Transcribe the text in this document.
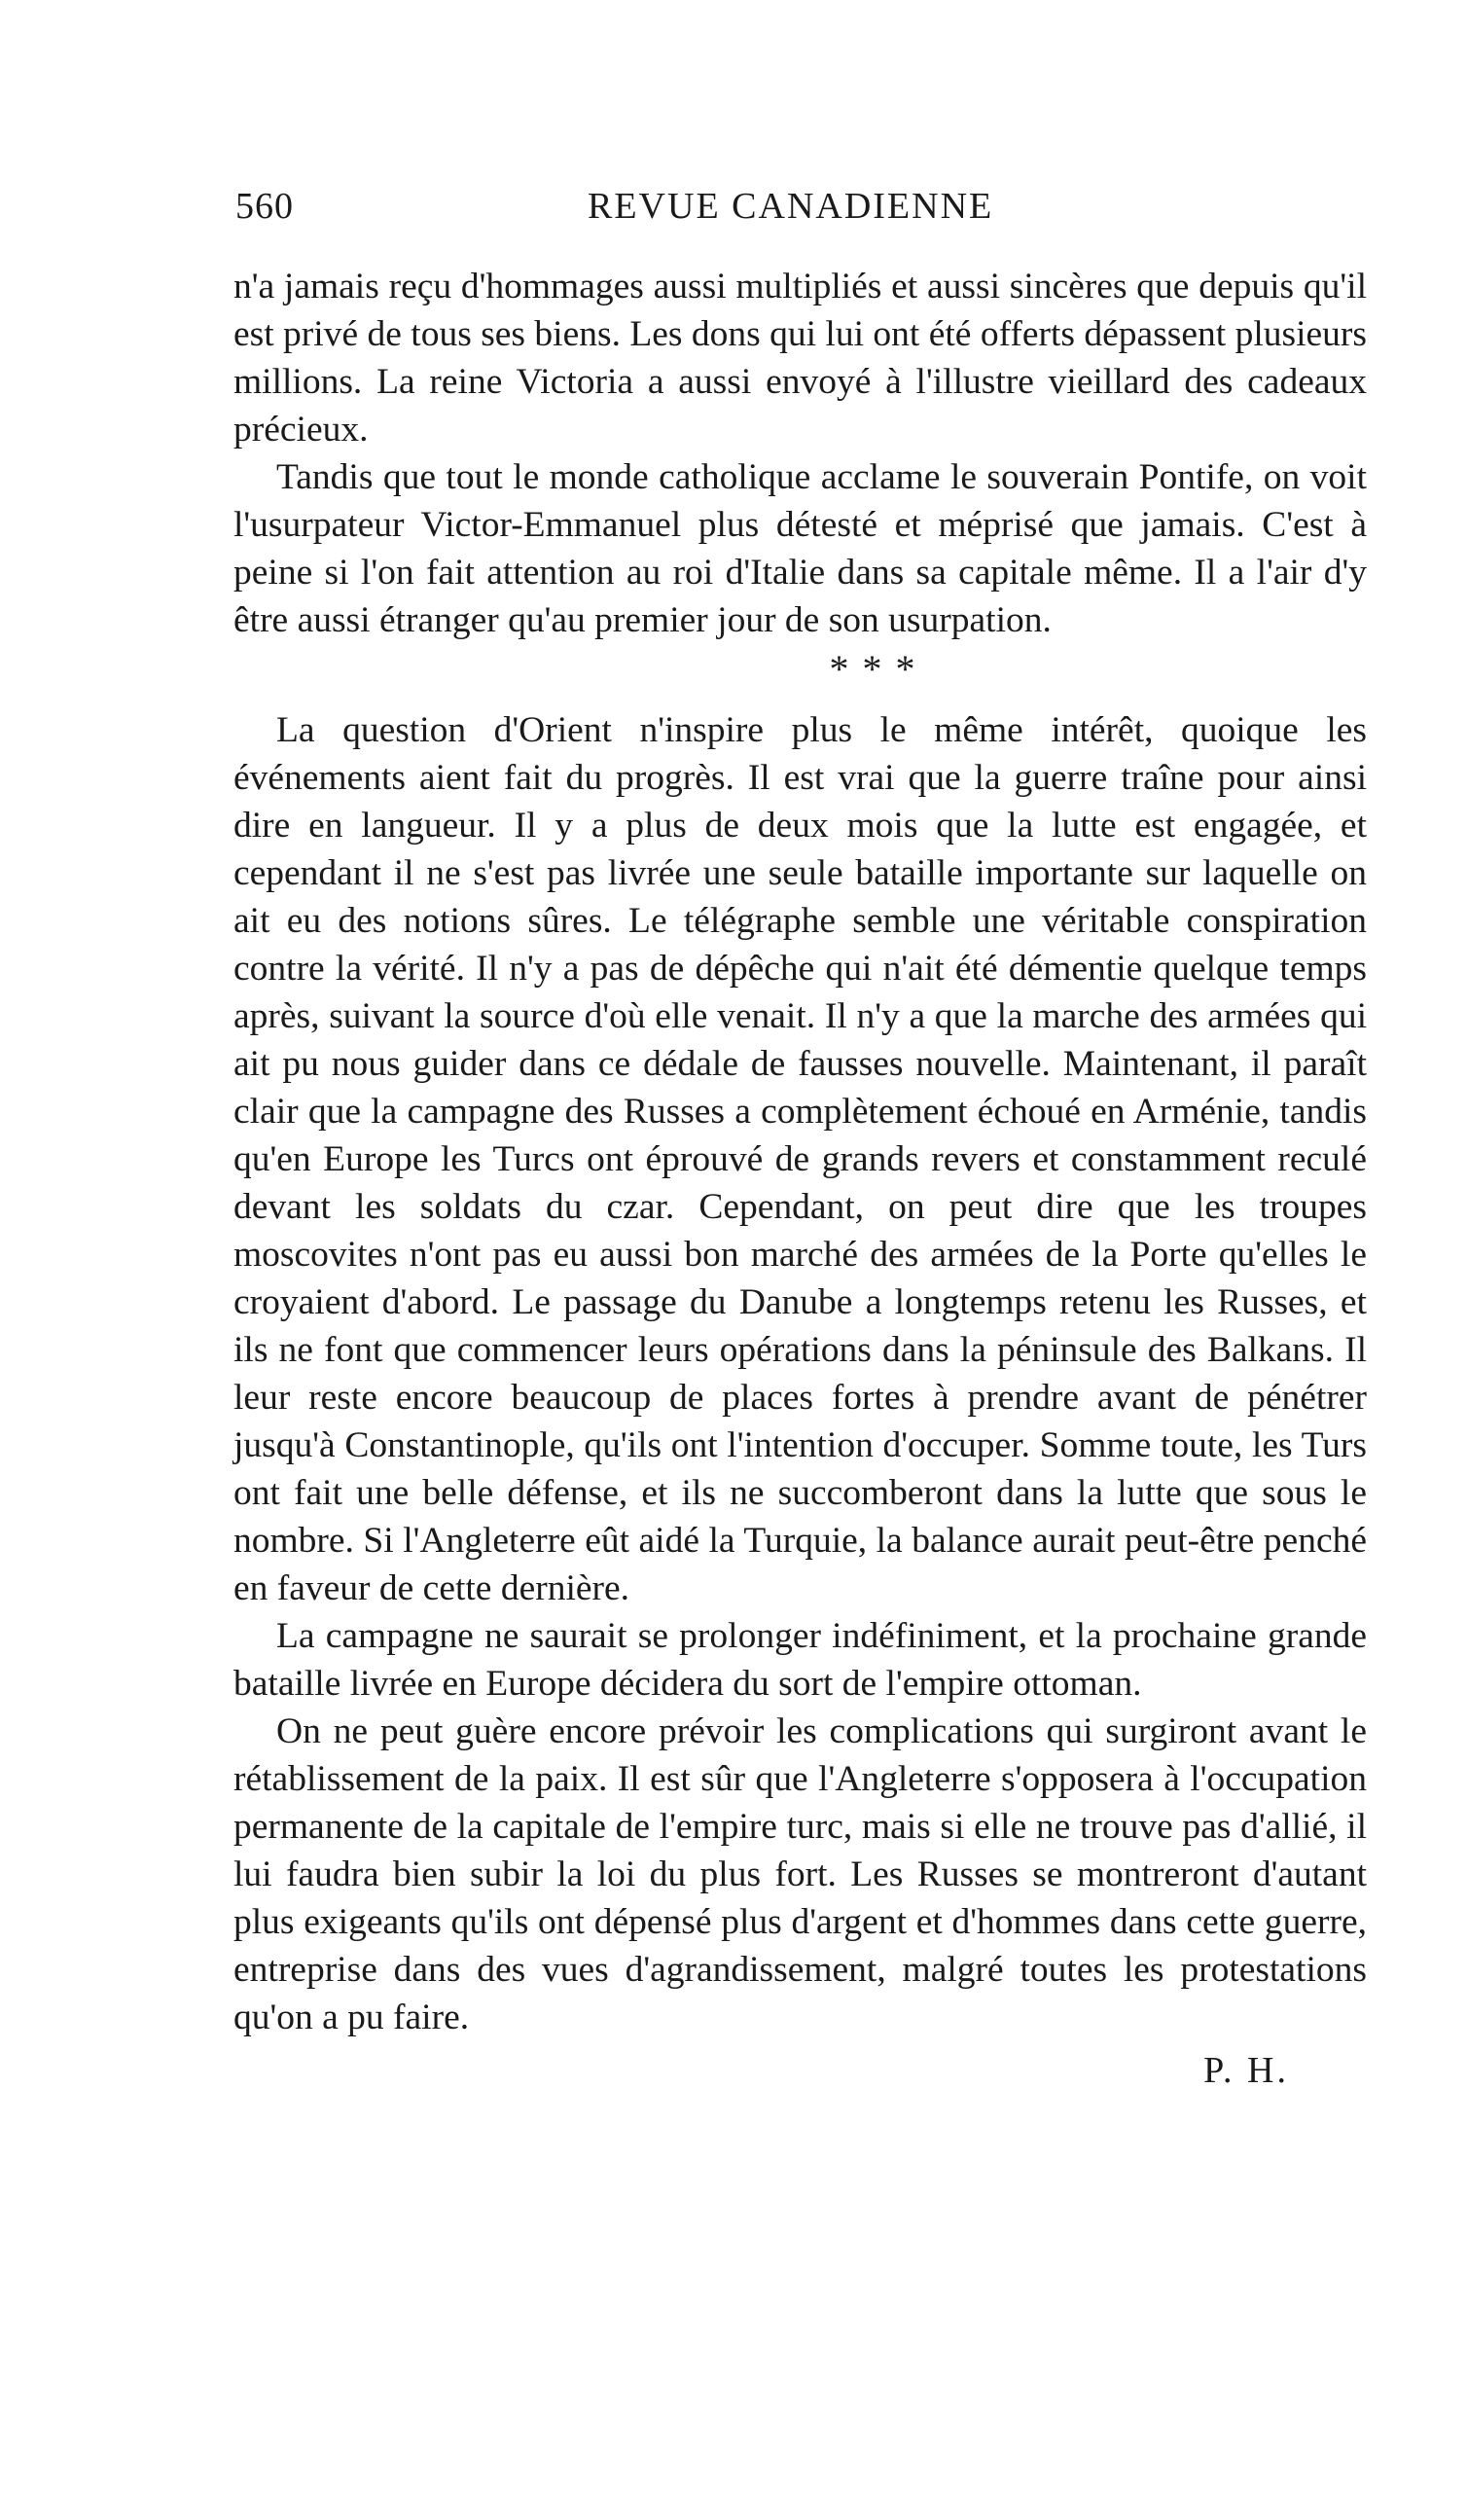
560	REVUE CANADIENNE

n'a jamais reçu d'hommages aussi multipliés et aussi sincères que depuis qu'il est privé de tous ses biens. Les dons qui lui ont été offerts dépassent plusieurs millions. La reine Victoria a aussi envoyé à l'illustre vieillard des cadeaux précieux.

Tandis que tout le monde catholique acclame le souverain Pontife, on voit l'usurpateur Victor-Emmanuel plus détesté et méprisé que jamais. C'est à peine si l'on fait attention au roi d'Italie dans sa capitale même. Il a l'air d'y être aussi étranger qu'au premier jour de son usurpation.

* * *

La question d'Orient n'inspire plus le même intérêt, quoique les événements aient fait du progrès. Il est vrai que la guerre traîne pour ainsi dire en langueur. Il y a plus de deux mois que la lutte est engagée, et cependant il ne s'est pas livrée une seule bataille importante sur laquelle on ait eu des notions sûres. Le télégraphe semble une véritable conspiration contre la vérité. Il n'y a pas de dépêche qui n'ait été démentie quelque temps après, suivant la source d'où elle venait. Il n'y a que la marche des armées qui ait pu nous guider dans ce dédale de fausses nouvelle. Maintenant, il paraît clair que la campagne des Russes a complètement échoué en Arménie, tandis qu'en Europe les Turcs ont éprouvé de grands revers et constamment reculé devant les soldats du czar. Cependant, on peut dire que les troupes moscovites n'ont pas eu aussi bon marché des armées de la Porte qu'elles le croyaient d'abord. Le passage du Danube a longtemps retenu les Russes, et ils ne font que commencer leurs opérations dans la péninsule des Balkans. Il leur reste encore beaucoup de places fortes à prendre avant de pénétrer jusqu'à Constantinople, qu'ils ont l'intention d'occuper. Somme toute, les Turs ont fait une belle défense, et ils ne succomberont dans la lutte que sous le nombre. Si l'Angleterre eût aidé la Turquie, la balance aurait peut-être penché en faveur de cette dernière.

La campagne ne saurait se prolonger indéfiniment, et la prochaine grande bataille livrée en Europe décidera du sort de l'empire ottoman.

On ne peut guère encore prévoir les complications qui surgiront avant le rétablissement de la paix. Il est sûr que l'Angleterre s'opposera à l'occupation permanente de la capitale de l'empire turc, mais si elle ne trouve pas d'allié, il lui faudra bien subir la loi du plus fort. Les Russes se montreront d'autant plus exigeants qu'ils ont dépensé plus d'argent et d'hommes dans cette guerre, entreprise dans des vues d'agrandissement, malgré toutes les protestations qu'on a pu faire.

P. H.
